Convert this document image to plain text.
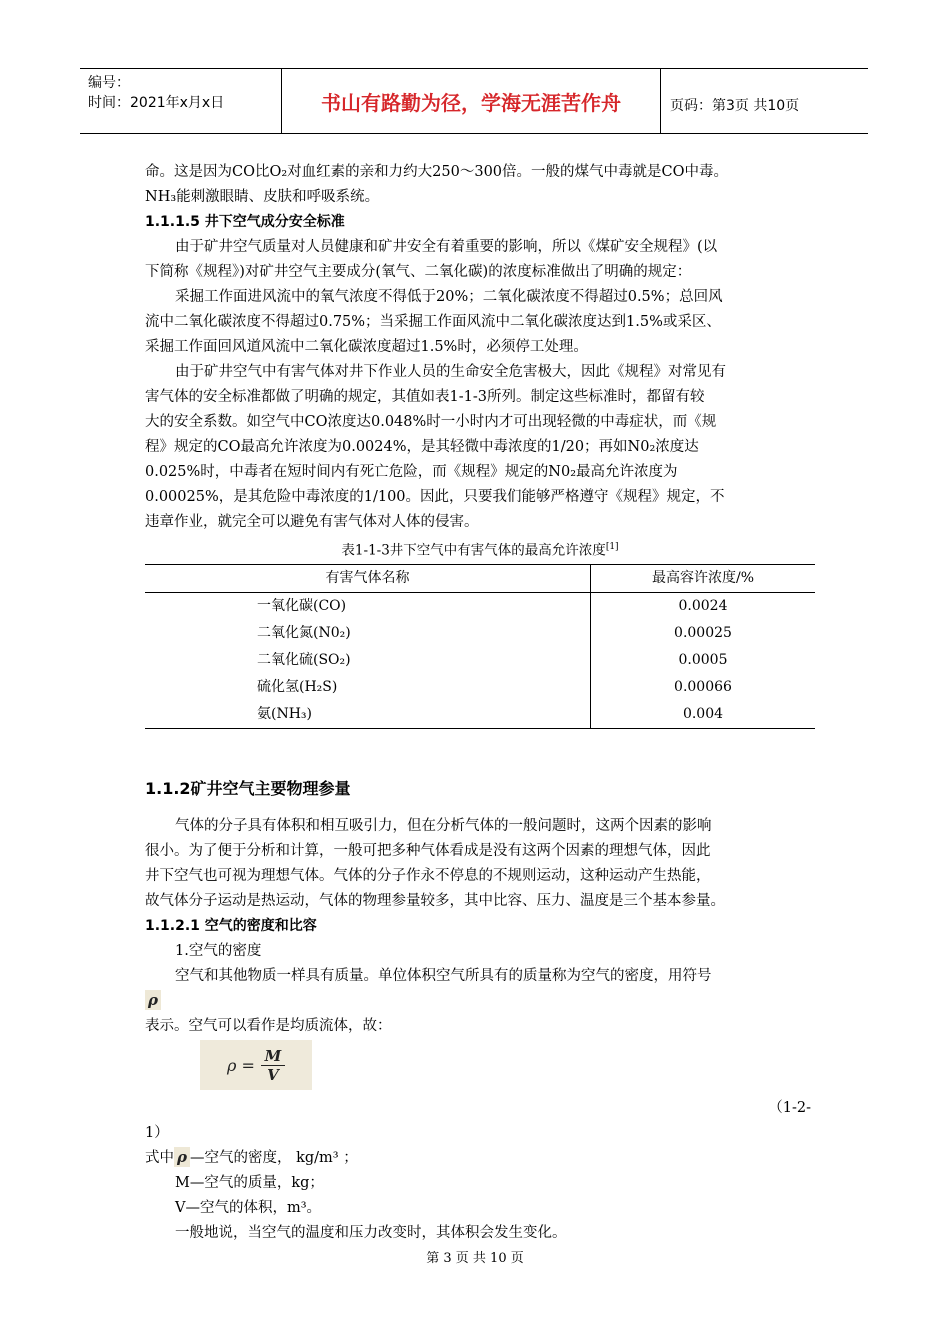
编号：
时间：2021年x月x日	书山有路勤为径，学海无涯苦作舟	页码：第3页 共10页
命。这是因为CO比O₂对血红素的亲和力约大250～300倍。一般的煤气中毒就是CO中毒。
NH₃能刺激眼睛、皮肤和呼吸系统。
1.1.1.5 井下空气成分安全标准
由于矿井空气质量对人员健康和矿井安全有着重要的影响，所以《煤矿安全规程》(以
下简称《规程》)对矿井空气主要成分(氧气、二氧化碳)的浓度标准做出了明确的规定：
采掘工作面进风流中的氧气浓度不得低于20%；二氧化碳浓度不得超过0.5%；总回风
流中二氧化碳浓度不得超过0.75%；当采掘工作面风流中二氧化碳浓度达到1.5%或采区、
采掘工作面回风道风流中二氧化碳浓度超过1.5%时，必须停工处理。
由于矿井空气中有害气体对井下作业人员的生命安全危害极大，因此《规程》对常见有
害气体的安全标准都做了明确的规定，其值如表1-1-3所列。制定这些标准时，都留有较
大的安全系数。如空气中CO浓度达0.048%时一小时内才可出现轻微的中毒症状，而《规
程》规定的CO最高允许浓度为0.0024%，是其轻微中毒浓度的1/20；再如N0₂浓度达
0.025%时，中毒者在短时间内有死亡危险，而《规程》规定的N0₂最高允许浓度为
0.00025%，是其危险中毒浓度的1/100。因此，只要我们能够严格遵守《规程》规定，不
违章作业，就完全可以避免有害气体对人体的侵害。
表1-1-3井下空气中有害气体的最高允许浓度[1]
有害气体名称	最高容许浓度/%
一氧化碳(CO)	0.0024
二氧化氮(N0₂)	0.00025
二氧化硫(SO₂)	0.0005
硫化氢(H₂S)	0.00066
氨(NH₃)	0.004
1.1.2矿井空气主要物理参量
气体的分子具有体积和相互吸引力，但在分析气体的一般问题时，这两个因素的影响
很小。为了便于分析和计算，一般可把多种气体看成是没有这两个因素的理想气体，因此
井下空气也可视为理想气体。气体的分子作永不停息的不规则运动，这种运动产生热能，
故气体分子运动是热运动，气体的物理参量较多，其中比容、压力、温度是三个基本参量。
1.1.2.1 空气的密度和比容
1.空气的密度
空气和其他物质一样具有质量。单位体积空气所具有的质量称为空气的密度，用符号
ρ
表示。空气可以看作是均质流体，故：
（1-2-
1）
式中 ρ —空气的密度， kg/m³ ；
M—空气的质量，kg；
V—空气的体积，m³。
一般地说，当空气的温度和压力改变时，其体积会发生变化。
$\rho = \frac{M}{V}$
第 3 页 共 10 页
